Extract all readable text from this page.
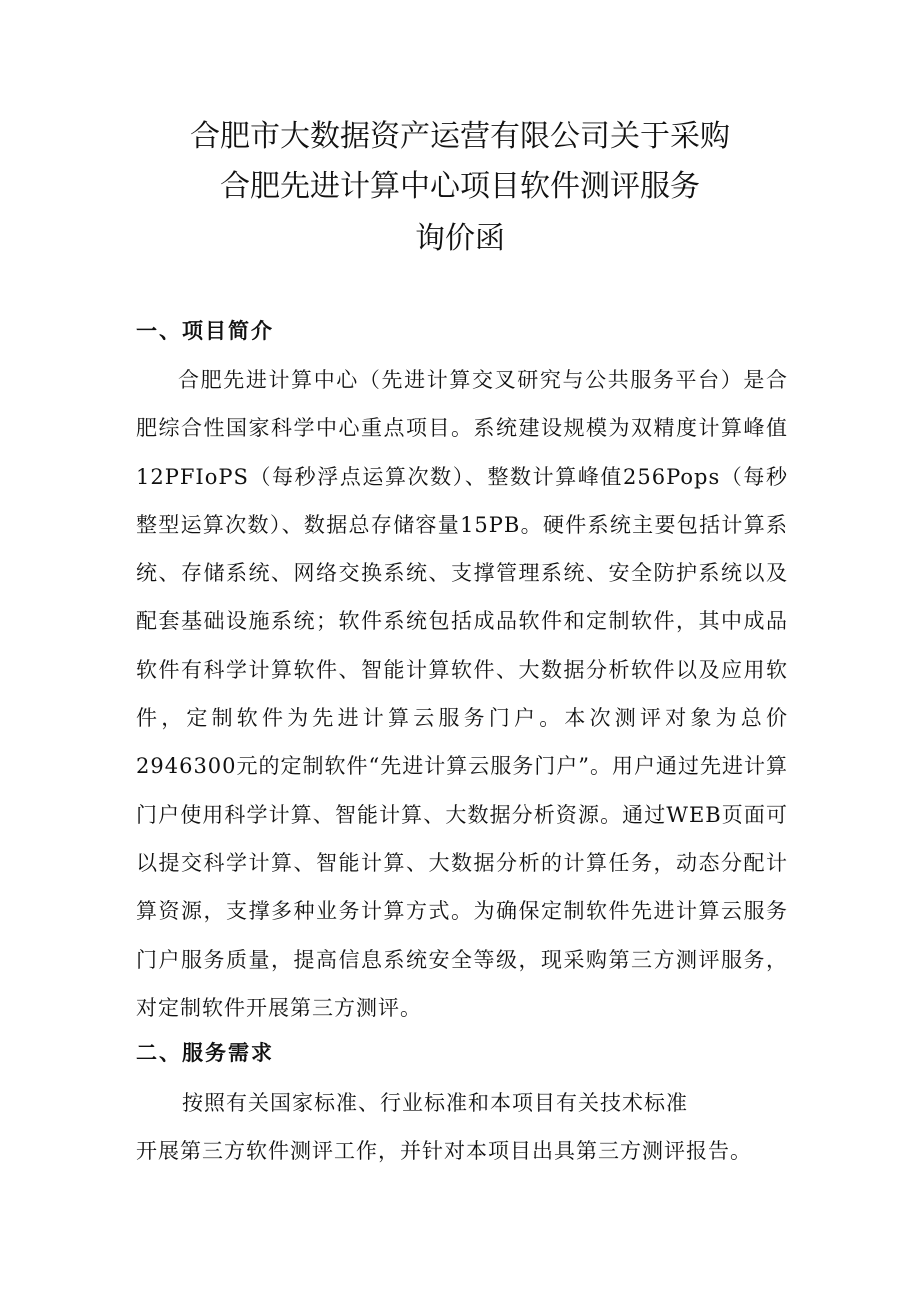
合肥市大数据资产运营有限公司关于采购
合肥先进计算中心项目软件测评服务
询价函
一、项目简介

合肥先进计算中心（先进计算交叉研究与公共服务平台）是合肥综合性国家科学中心重点项目。系统建设规模为双精度计算峰值12PFIoPS（每秒浮点运算次数）、整数计算峰值256Pops（每秒整型运算次数）、数据总存储容量15PB。硬件系统主要包括计算系统、存储系统、网络交换系统、支撑管理系统、安全防护系统以及配套基础设施系统；软件系统包括成品软件和定制软件，其中成品软件有科学计算软件、智能计算软件、大数据分析软件以及应用软件，定制软件为先进计算云服务门户。本次测评对象为总价2946300元的定制软件“先进计算云服务门户”。用户通过先进计算门户使用科学计算、智能计算、大数据分析资源。通过WEB页面可以提交科学计算、智能计算、大数据分析的计算任务，动态分配计算资源，支撑多种业务计算方式。为确保定制软件先进计算云服务门户服务质量，提高信息系统安全等级，现采购第三方测评服务，对定制软件开展第三方测评。

二、服务需求
按照有关国家标准、行业标准和本项目有关技术标准
开展第三方软件测评工作，并针对本项目出具第三方测评报告。
